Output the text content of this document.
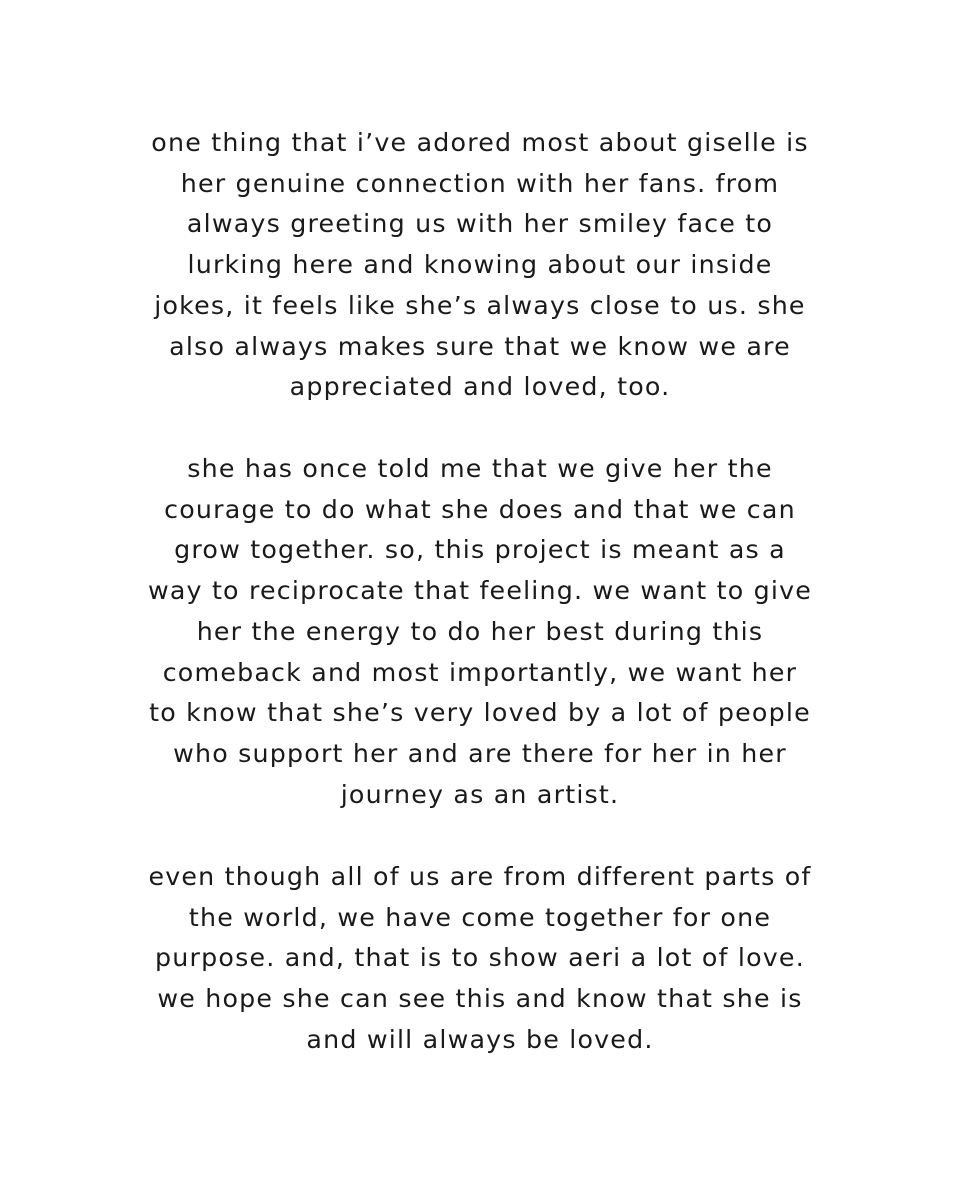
one thing that i’ve adored most about giselle is
her genuine connection with her fans. from
always greeting us with her smiley face to
lurking here and knowing about our inside
jokes, it feels like she’s always close to us. she
also always makes sure that we know we are
appreciated and loved, too.
she has once told me that we give her the
courage to do what she does and that we can
grow together. so, this project is meant as a
way to reciprocate that feeling. we want to give
her the energy to do her best during this
comeback and most importantly, we want her
to know that she’s very loved by a lot of people
who support her and are there for her in her
journey as an artist.
even though all of us are from different parts of
the world, we have come together for one
purpose. and, that is to show aeri a lot of love.
we hope she can see this and know that she is
and will always be loved.
